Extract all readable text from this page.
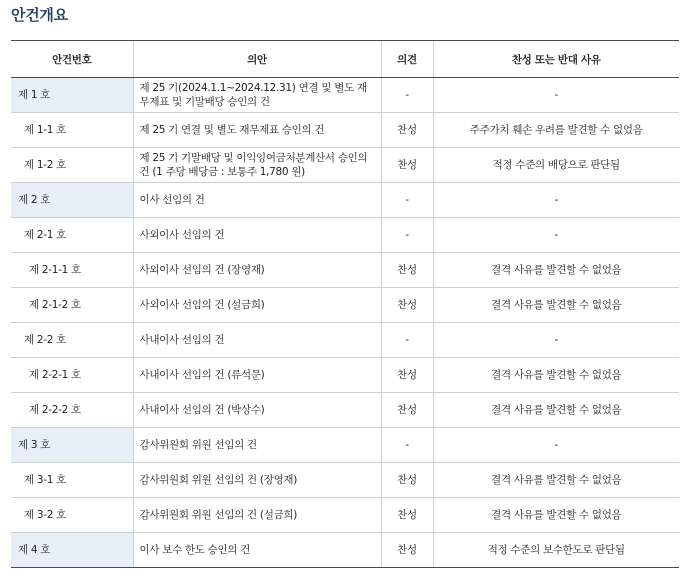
안건개요
안건번호	의안	의견	찬성 또는 반대 사유
제 1 호	제 25 기(2024.1.1~2024.12.31) 연결 및 별도 재무제표 및 기말배당 승인의 건	-	-
제 1-1 호	제 25 기 연결 및 별도 재무제표 승인의 건	찬성	주주가치 훼손 우려를 발견할 수 없었음
제 1-2 호	제 25 기 기말배당 및 이익잉여금처분계산서 승인의 건 (1 주당 배당금 : 보통주 1,780 원)	찬성	적정 수준의 배당으로 판단됨
제 2 호	이사 선임의 건	-	-
제 2-1 호	사외이사 선임의 건	-	-
제 2-1-1 호	사외이사 선임의 건 (장영재)	찬성	결격 사유를 발견할 수 없었음
제 2-1-2 호	사외이사 선임의 건 (설금희)	찬성	결격 사유를 발견할 수 없었음
제 2-2 호	사내이사 선임의 건	-	-
제 2-2-1 호	사내이사 선임의 건 (류석문)	찬성	결격 사유를 발견할 수 없었음
제 2-2-2 호	사내이사 선임의 건 (박상수)	찬성	결격 사유를 발견할 수 없었음
제 3 호	감사위원회 위원 선임의 건	-	-
제 3-1 호	감사위원회 위원 선임의 건 (장영재)	찬성	결격 사유를 발견할 수 없었음
제 3-2 호	감사위원회 위원 선임의 건 (설금희)	찬성	결격 사유를 발견할 수 없었음
제 4 호	이사 보수 한도 승인의 건	찬성	적정 수준의 보수한도로 판단됨
